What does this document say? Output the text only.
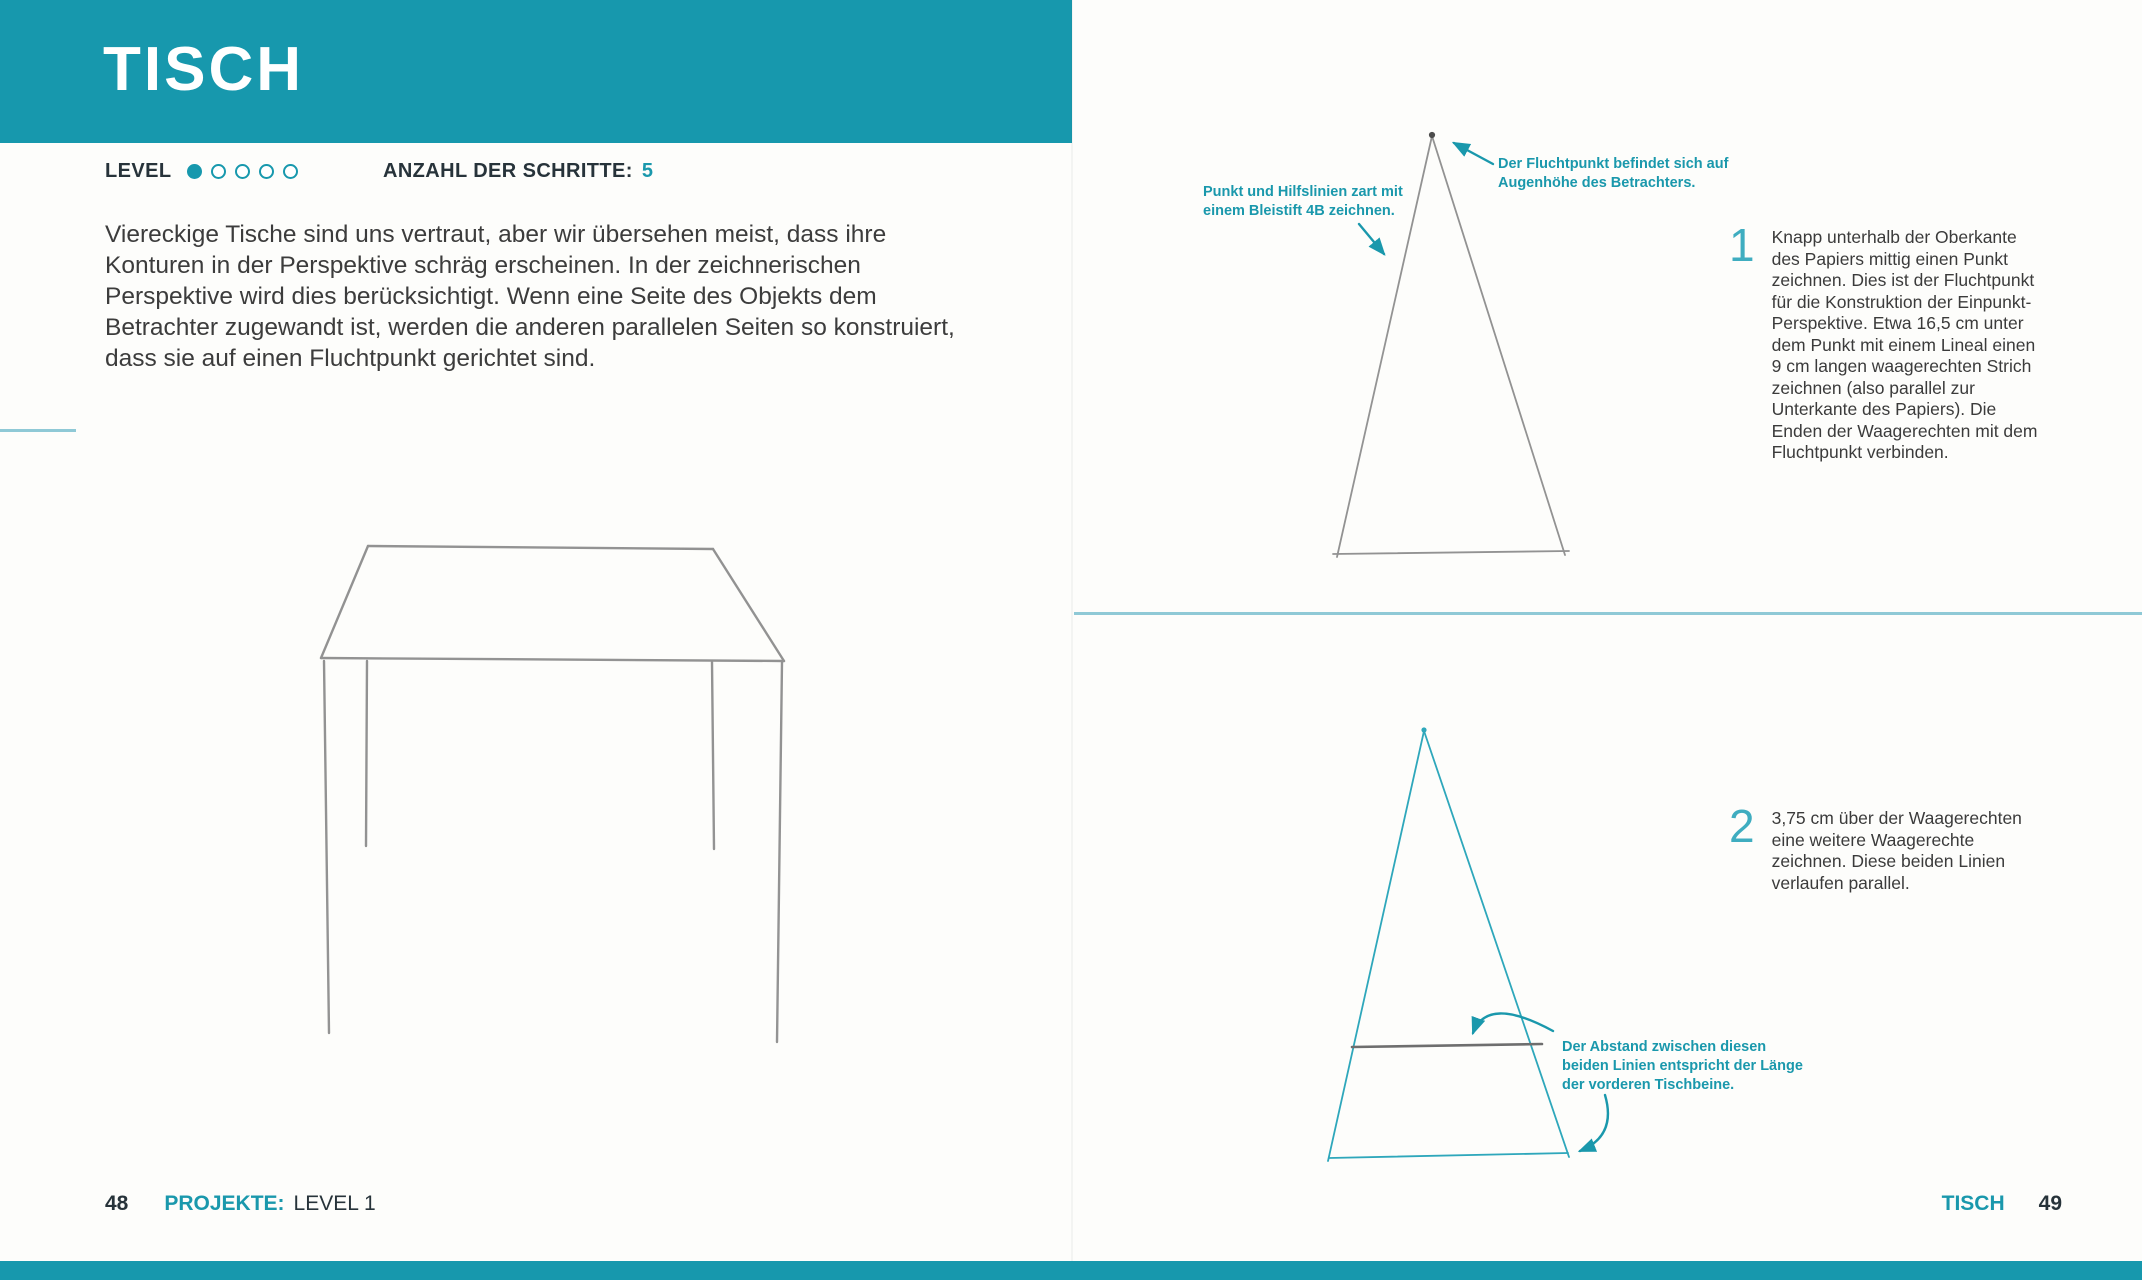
TISCH
LEVEL	ANZAHL DER SCHRITTE: 5

Viereckige Tische sind uns vertraut, aber wir übersehen meist, dass ihre Konturen in der Perspektive schräg erscheinen. In der zeichnerischen Perspektive wird dies berücksichtigt. Wenn eine Seite des Objekts dem Betrachter zugewandt ist, werden die anderen parallelen Seiten so konstruiert, dass sie auf einen Fluchtpunkt gerichtet sind.

48 PROJEKTE: LEVEL 1
Punkt und Hilfslinien zart mit
einem Bleistift 4B zeichnen.
Der Fluchtpunkt befindet sich auf
Augenhöhe des Betrachters.
1 Knapp unterhalb der Oberkante des Papiers mittig einen Punkt zeichnen. Dies ist der Fluchtpunkt für die Konstruktion der Einpunkt-Perspektive. Etwa 16,5 cm unter dem Punkt mit einem Lineal einen 9 cm langen waagerechten Strich zeichnen (also parallel zur Unterkante des Papiers). Die Enden der Waagerechten mit dem Fluchtpunkt verbinden.

2 3,75 cm über der Waagerechten eine weitere Waagerechte zeichnen. Diese beiden Linien verlaufen parallel.

Der Abstand zwischen diesen
beiden Linien entspricht der Länge
der vorderen Tischbeine.
TISCH 49
